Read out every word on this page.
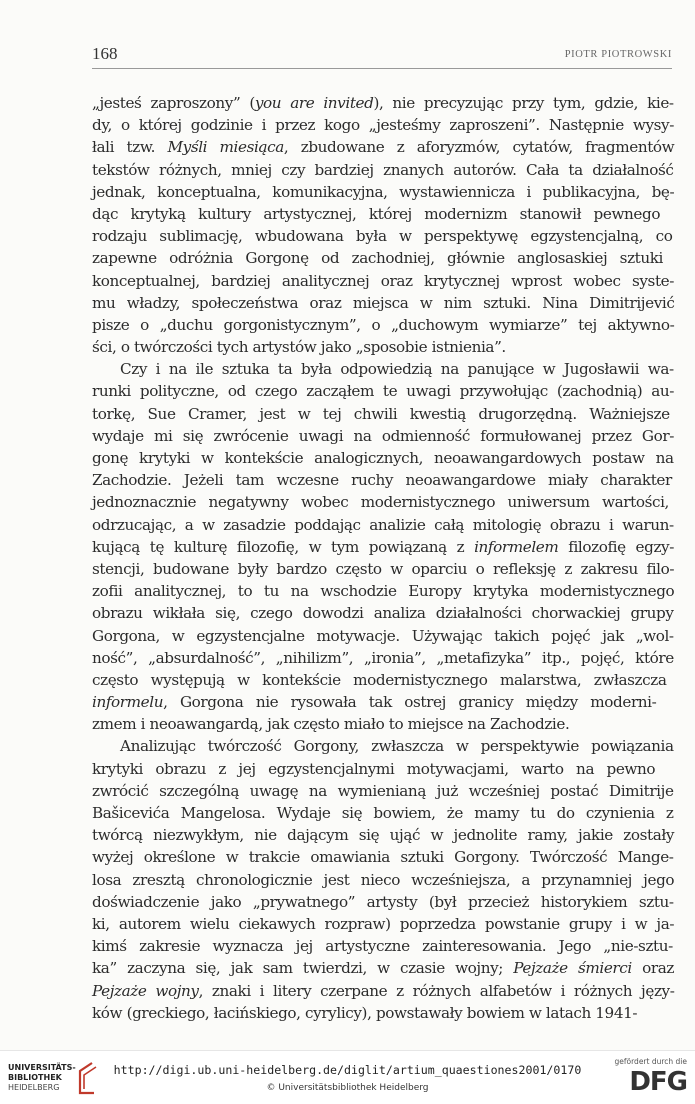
168	PIOTR PIOTROWSKI
„jesteś zaproszony” (you are invited), nie precyzując przy tym, gdzie, kie-
dy, o której godzinie i przez kogo „jesteśmy zaproszeni”. Następnie wysy-
łali tzw. Myśli miesiąca, zbudowane z aforyzmów, cytatów, fragmentów
tekstów różnych, mniej czy bardziej znanych autorów. Cała ta działalność
jednak, konceptualna, komunikacyjna, wystawiennicza i publikacyjna, bę-
dąc krytyką kultury artystycznej, której modernizm stanowił pewnego
rodzaju sublimację, wbudowana była w perspektywę egzystencjalną, co
zapewne odróżnia Gorgonę od zachodniej, głównie anglosaskiej sztuki
konceptualnej, bardziej analitycznej oraz krytycznej wprost wobec syste-
mu władzy, społeczeństwa oraz miejsca w nim sztuki. Nina Dimitrijević
pisze o „duchu gorgonistycznym”, o „duchowym wymiarze” tej aktywno-
ści, o twórczości tych artystów jako „sposobie istnienia”.
Czy i na ile sztuka ta była odpowiedzią na panujące w Jugosławii wa-
runki polityczne, od czego zacząłem te uwagi przywołując (zachodnią) au-
torkę, Sue Cramer, jest w tej chwili kwestią drugorzędną. Ważniejsze
wydaje mi się zwrócenie uwagi na odmienność formułowanej przez Gor-
gonę krytyki w kontekście analogicznych, neoawangardowych postaw na
Zachodzie. Jeżeli tam wczesne ruchy neoawangardowe miały charakter
jednoznacznie negatywny wobec modernistycznego uniwersum wartości,
odrzucając, a w zasadzie poddając analizie całą mitologię obrazu i warun-
kującą tę kulturę filozofię, w tym powiązaną z informelem filozofię egzy-
stencji, budowane były bardzo często w oparciu o refleksję z zakresu filo-
zofii analitycznej, to tu na wschodzie Europy krytyka modernistycznego
obrazu wikłała się, czego dowodzi analiza działalności chorwackiej grupy
Gorgona, w egzystencjalne motywacje. Używając takich pojęć jak „wol-
ność”, „absurdalność”, „nihilizm”, „ironia”, „metafizyka” itp., pojęć, które
często występują w kontekście modernistycznego malarstwa, zwłaszcza
informelu, Gorgona nie rysowała tak ostrej granicy między moderni-
zmem i neoawangardą, jak często miało to miejsce na Zachodzie.
Analizując twórczość Gorgony, zwłaszcza w perspektywie powiązania
krytyki obrazu z jej egzystencjalnymi motywacjami, warto na pewno
zwrócić szczególną uwagę na wymienianą już wcześniej postać Dimitrije
Bašicevića Mangelosa. Wydaje się bowiem, że mamy tu do czynienia z
twórcą niezwykłym, nie dającym się ująć w jednolite ramy, jakie zostały
wyżej określone w trakcie omawiania sztuki Gorgony. Twórczość Mange-
losa zresztą chronologicznie jest nieco wcześniejsza, a przynamniej jego
doświadczenie jako „prywatnego” artysty (był przecież historykiem sztu-
ki, autorem wielu ciekawych rozpraw) poprzedza powstanie grupy i w ja-
kimś zakresie wyznacza jej artystyczne zainteresowania. Jego „nie-sztu-
ka” zaczyna się, jak sam twierdzi, w czasie wojny; Pejzaże śmierci oraz
Pejzaże wojny, znaki i litery czerpane z różnych alfabetów i różnych języ-
ków (greckiego, łacińskiego, cyrylicy), powstawały bowiem w latach 1941-
UNIVERSITÄTS-
BIBLIOTHEK
HEIDELBERG
http://digi.ub.uni-heidelberg.de/diglit/artium_quaestiones2001/0170
© Universitätsbibliothek Heidelberg
gefördert durch die
DFG
